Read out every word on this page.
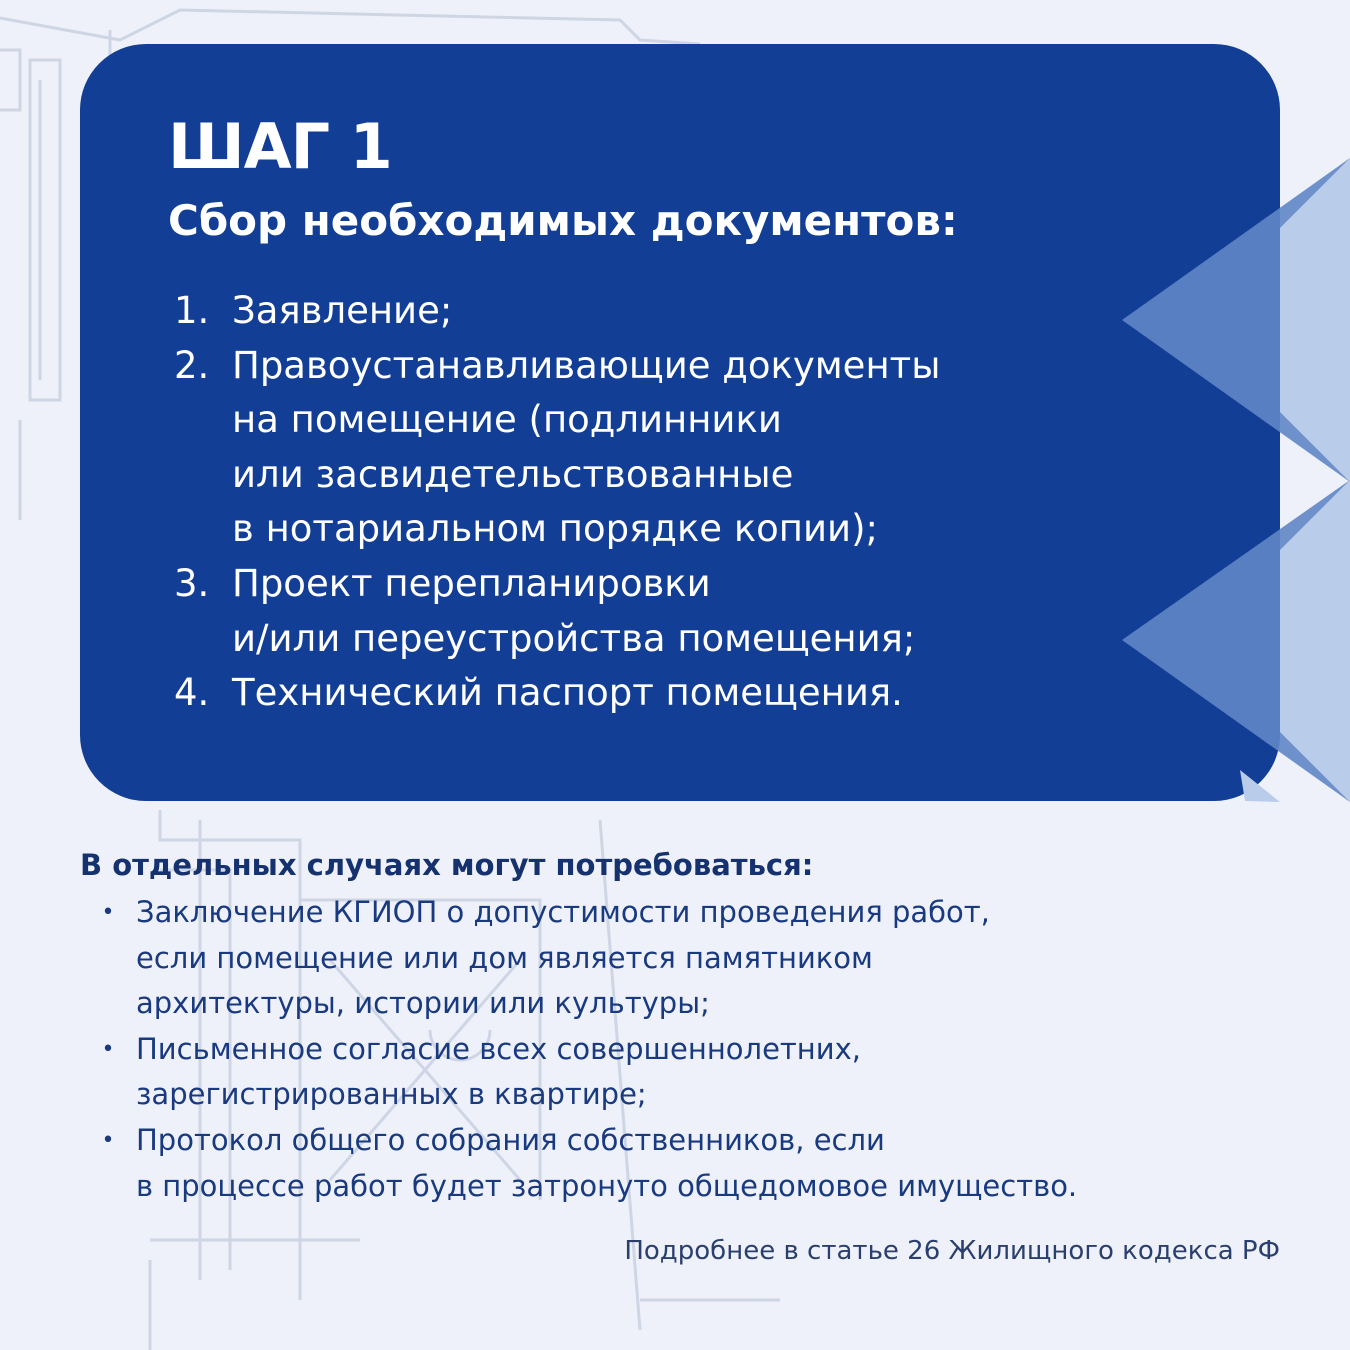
ШАГ 1
Сбор необходимых документов:
1. Заявление;
2. Правоустанавливающие документы
на помещение (подлинники
или засвидетельствованные
в нотариальном порядке копии);
3. Проект перепланировки
и/или переустройства помещения;
4. Технический паспорт помещения.
В отдельных случаях могут потребоваться:
• Заключение КГИОП о допустимости проведения работ,
если помещение или дом является памятником
архитектуры, истории или культуры;
• Письменное согласие всех совершеннолетних,
зарегистрированных в квартире;
• Протокол общего собрания собственников, если
в процессе работ будет затронуто общедомовое имущество.

Подробнее в статье 26 Жилищного кодекса РФ
